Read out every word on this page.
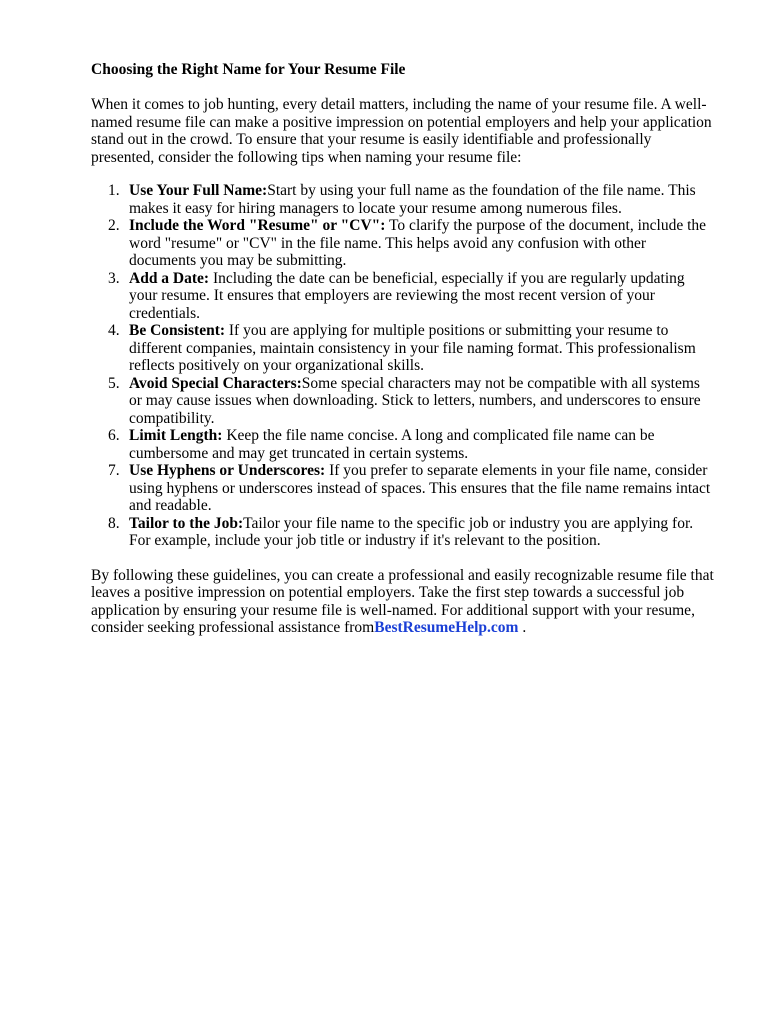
Choosing the Right Name for Your Resume File

When it comes to job hunting, every detail matters, including the name of your resume file. A well-named resume file can make a positive impression on potential employers and help your application stand out in the crowd. To ensure that your resume is easily identifiable and professionally presented, consider the following tips when naming your resume file:

1. Use Your Full Name:Start by using your full name as the foundation of the file name. This makes it easy for hiring managers to locate your resume among numerous files.
2. Include the Word "Resume" or "CV": To clarify the purpose of the document, include the word "resume" or "CV" in the file name. This helps avoid any confusion with other documents you may be submitting.
3. Add a Date: Including the date can be beneficial, especially if you are regularly updating your resume. It ensures that employers are reviewing the most recent version of your credentials.
4. Be Consistent: If you are applying for multiple positions or submitting your resume to different companies, maintain consistency in your file naming format. This professionalism reflects positively on your organizational skills.
5. Avoid Special Characters:Some special characters may not be compatible with all systems or may cause issues when downloading. Stick to letters, numbers, and underscores to ensure compatibility.
6. Limit Length: Keep the file name concise. A long and complicated file name can be cumbersome and may get truncated in certain systems.
7. Use Hyphens or Underscores: If you prefer to separate elements in your file name, consider using hyphens or underscores instead of spaces. This ensures that the file name remains intact and readable.
8. Tailor to the Job:Tailor your file name to the specific job or industry you are applying for. For example, include your job title or industry if it's relevant to the position.

By following these guidelines, you can create a professional and easily recognizable resume file that leaves a positive impression on potential employers. Take the first step towards a successful job application by ensuring your resume file is well-named. For additional support with your resume, consider seeking professional assistance fromBestResumeHelp.com .
